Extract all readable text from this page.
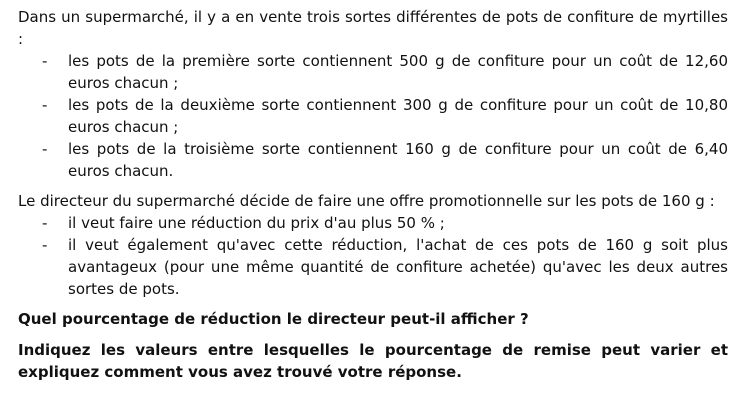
Dans un supermarché, il y a en vente trois sortes différentes de pots de confiture de myrtilles :

- les pots de la première sorte contiennent 500 g de confiture pour un coût de 12,60 euros chacun ;
- les pots de la deuxième sorte contiennent 300 g de confiture pour un coût de 10,80 euros chacun ;
- les pots de la troisième sorte contiennent 160 g de confiture pour un coût de 6,40 euros chacun.

Le directeur du supermarché décide de faire une offre promotionnelle sur les pots de 160 g :

- il veut faire une réduction du prix d'au plus 50 % ;
- il veut également qu'avec cette réduction, l'achat de ces pots de 160 g soit plus avantageux (pour une même quantité de confiture achetée) qu'avec les deux autres sortes de pots.

Quel pourcentage de réduction le directeur peut-il afficher ?

Indiquez les valeurs entre lesquelles le pourcentage de remise peut varier et expliquez comment vous avez trouvé votre réponse.
